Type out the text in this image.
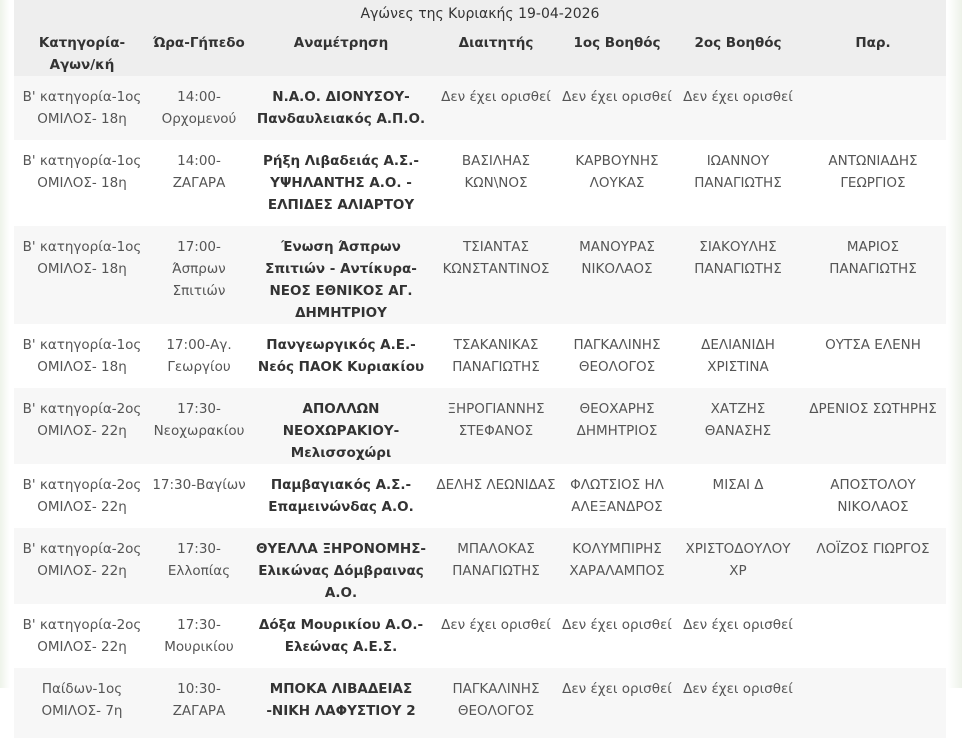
Αγώνες της Κυριακής 19-04-2026
Κατηγορία- Αγων/κή	Ώρα-Γήπεδο	Αναμέτρηση	Διαιτητής	1ος Βοηθός	2ος Βοηθός	Παρ.
Β' κατηγορία-1ος ΟΜΙΛΟΣ- 18η	14:00-Ορχομενού	Ν.Α.Ο. ΔΙΟΝΥΣΟΥ-Πανδαυλειακός Α.Π.Ο.	Δεν έχει ορισθεί	Δεν έχει ορισθεί	Δεν έχει ορισθεί	
Β' κατηγορία-1ος ΟΜΙΛΟΣ- 18η	14:00-ΖΑΓΑΡΑ	Ρήξη Λιβαδειάς Α.Σ.-ΥΨΗΛΑΝΤΗΣ Α.Ο. - ΕΛΠΙΔΕΣ ΑΛΙΑΡΤΟΥ	ΒΑΣΙΛΗΑΣ ΚΩΝ\ΝΟΣ	ΚΑΡΒΟΥΝΗΣ ΛΟΥΚΑΣ	ΙΩΑΝΝΟΥ ΠΑΝΑΓΙΩΤΗΣ	ΑΝΤΩΝΙΑΔΗΣ ΓΕΩΡΓΙΟΣ
Β' κατηγορία-1ος ΟΜΙΛΟΣ- 18η	17:00-Άσπρων Σπιτιών	Ένωση Άσπρων Σπιτιών - Αντίκυρα-ΝΕΟΣ ΕΘΝΙΚΟΣ ΑΓ. ΔΗΜΗΤΡΙΟΥ	ΤΣΙΑΝΤΑΣ ΚΩΝΣΤΑΝΤΙΝΟΣ	ΜΑΝΟΥΡΑΣ ΝΙΚΟΛΑΟΣ	ΣΙΑΚΟΥΛΗΣ ΠΑΝΑΓΙΩΤΗΣ	ΜΑΡΙΟΣ ΠΑΝΑΓΙΩΤΗΣ
Β' κατηγορία-1ος ΟΜΙΛΟΣ- 18η	17:00-Αγ. Γεωργίου	Πανγεωργικός Α.Ε.-Νεός ΠΑΟΚ Κυριακίου	ΤΣΑΚΑΝΙΚΑΣ ΠΑΝΑΓΙΩΤΗΣ	ΠΑΓΚΑΛΙΝΗΣ ΘΕΟΛΟΓΟΣ	ΔΕΛΙΑΝΙΔΗ ΧΡΙΣΤΙΝΑ	ΟΥΤΣΑ ΕΛΕΝΗ
Β' κατηγορία-2ος ΟΜΙΛΟΣ- 22η	17:30-Νεοχωρακίου	ΑΠΟΛΛΩΝ ΝΕΟΧΩΡΑΚΙΟΥ-Μελισσοχώρι	ΞΗΡΟΓΙΑΝΝΗΣ ΣΤΕΦΑΝΟΣ	ΘΕΟΧΑΡΗΣ ΔΗΜΗΤΡΙΟΣ	ΧΑΤΖΗΣ ΘΑΝΑΣΗΣ	ΔΡΕΝΙΟΣ ΣΩΤΗΡΗΣ
Β' κατηγορία-2ος ΟΜΙΛΟΣ- 22η	17:30-Βαγίων	Παμβαγιακός Α.Σ.-Επαμεινώνδας Α.Ο.	ΔΕΛΗΣ ΛΕΩΝΙΔΑΣ	ΦΛΩΤΣΙΟΣ ΗΛ ΑΛΕΞΑΝΔΡΟΣ	ΜΙΣΑΙ Δ	ΑΠΟΣΤΟΛΟΥ ΝΙΚΟΛΑΟΣ
Β' κατηγορία-2ος ΟΜΙΛΟΣ- 22η	17:30-Ελλοπίας	ΘΥΕΛΛΑ ΞΗΡΟΝΟΜΗΣ-Ελικώνας Δόμβραινας Α.Ο.	ΜΠΑΛΟΚΑΣ ΠΑΝΑΓΙΩΤΗΣ	ΚΟΛΥΜΠΙΡΗΣ ΧΑΡΑΛΑΜΠΟΣ	ΧΡΙΣΤΟΔΟΥΛΟΥ ΧΡ	ΛΟΪΖΟΣ ΓΙΩΡΓΟΣ
Β' κατηγορία-2ος ΟΜΙΛΟΣ- 22η	17:30-Μουρικίου	Δόξα Μουρικίου Α.Ο.-Ελεώνας Α.Ε.Σ.	Δεν έχει ορισθεί	Δεν έχει ορισθεί	Δεν έχει ορισθεί	
Παίδων-1ος ΟΜΙΛΟΣ- 7η	10:30-ΖΑΓΑΡΑ	ΜΠΟΚΑ ΛΙΒΑΔΕΙΑΣ -ΝΙΚΗ ΛΑΦΥΣΤΙΟΥ 2	ΠΑΓΚΑΛΙΝΗΣ ΘΕΟΛΟΓΟΣ	Δεν έχει ορισθεί	Δεν έχει ορισθεί	
